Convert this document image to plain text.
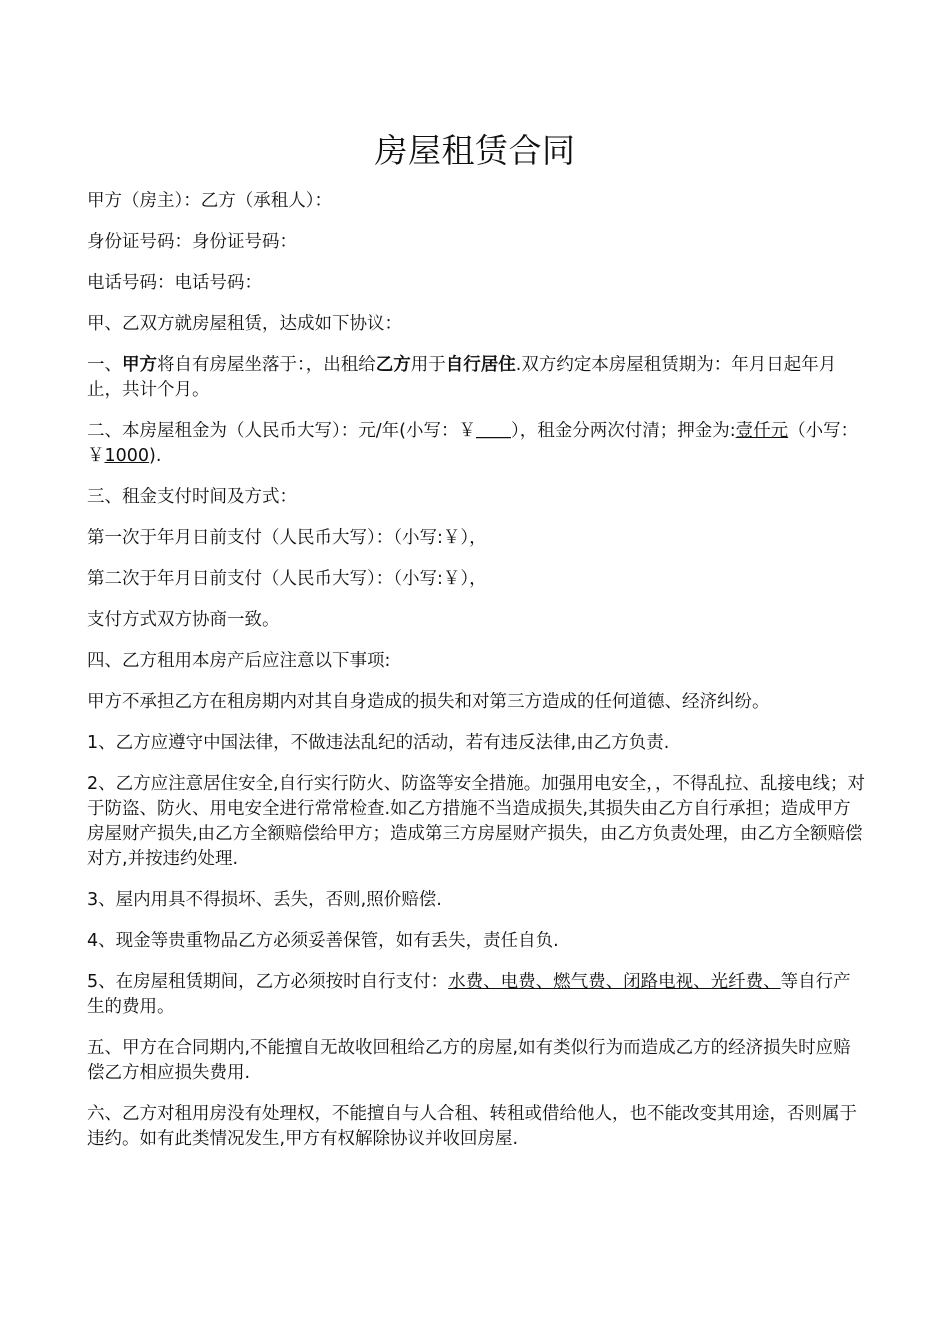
房屋租赁合同

甲方（房主）：乙方（承租人）：

身份证号码：身份证号码：

电话号码：电话号码：

甲、乙双方就房屋租赁，达成如下协议：

一、甲方将自有房屋坐落于：，出租给乙方用于自行居住.双方约定本房屋租赁期为：年月日起年月止，共计个月。

二、本房屋租金为（人民币大写）：元/年(小写：￥＿＿），租金分两次付清；押金为:壹仟元（小写：￥1000).

三、租金支付时间及方式：

第一次于年月日前支付（人民币大写）：（小写:￥），

第二次于年月日前支付（人民币大写）：（小写:￥），

支付方式双方协商一致。

四、乙方租用本房产后应注意以下事项:

甲方不承担乙方在租房期内对其自身造成的损失和对第三方造成的任何道德、经济纠纷。

1、乙方应遵守中国法律，不做违法乱纪的活动，若有违反法律,由乙方负责.

2、乙方应注意居住安全,自行实行防火、防盗等安全措施。加强用电安全，，不得乱拉、乱接电线；对于防盗、防火、用电安全进行常常检查.如乙方措施不当造成损失,其损失由乙方自行承担；造成甲方房屋财产损失,由乙方全额赔偿给甲方；造成第三方房屋财产损失，由乙方负责处理，由乙方全额赔偿对方,并按违约处理.

3、屋内用具不得损坏、丢失，否则,照价赔偿.

4、现金等贵重物品乙方必须妥善保管，如有丢失，责任自负.

5、在房屋租赁期间，乙方必须按时自行支付：水费、电费、燃气费、闭路电视、光纤费、等自行产生的费用。

五、甲方在合同期内,不能擅自无故收回租给乙方的房屋,如有类似行为而造成乙方的经济损失时应赔偿乙方相应损失费用.

六、乙方对租用房没有处理权，不能擅自与人合租、转租或借给他人，也不能改变其用途，否则属于违约。如有此类情况发生,甲方有权解除协议并收回房屋.
